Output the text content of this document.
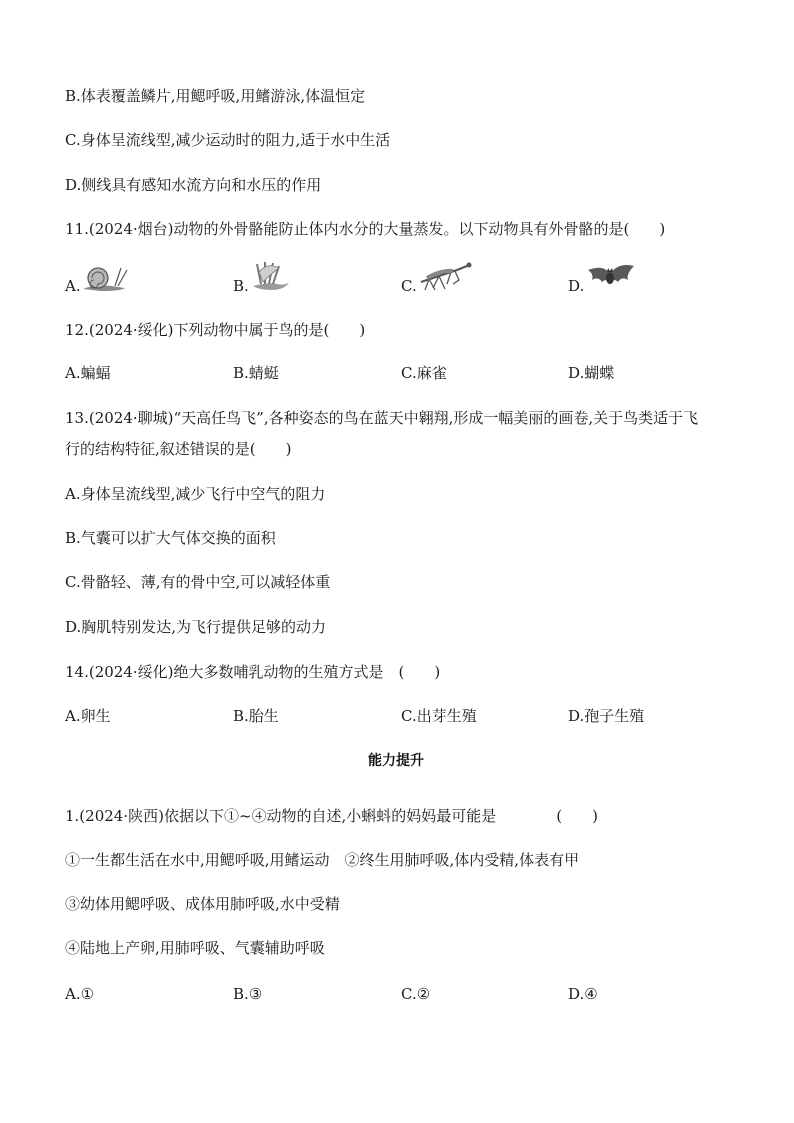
B.体表覆盖鳞片,用鳃呼吸,用鳍游泳,体温恒定
C.身体呈流线型,减少运动时的阻力,适于水中生活
D.侧线具有感知水流方向和水压的作用
11.(2024·烟台)动物的外骨骼能防止体内水分的大量蒸发。以下动物具有外骨骼的是(　　)
A.	B.	C.	D.
12.(2024·绥化)下列动物中属于鸟的是(　　)
A.蝙蝠	B.蜻蜓	C.麻雀	D.蝴蝶
13.(2024·聊城)“天高任鸟飞”,各种姿态的鸟在蓝天中翱翔,形成一幅美丽的画卷,关于鸟类适于飞
行的结构特征,叙述错误的是(　　)
A.身体呈流线型,减少飞行中空气的阻力
B.气囊可以扩大气体交换的面积
C.骨骼轻、薄,有的骨中空,可以减轻体重
D.胸肌特别发达,为飞行提供足够的动力
14.(2024·绥化)绝大多数哺乳动物的生殖方式是　(　　)
A.卵生	B.胎生	C.出芽生殖	D.孢子生殖
能力提升
1.(2024·陕西)依据以下①~④动物的自述,小蝌蚪的妈妈最可能是　　　　(　　)
①一生都生活在水中,用鳃呼吸,用鳍运动　②终生用肺呼吸,体内受精,体表有甲
③幼体用鳃呼吸、成体用肺呼吸,水中受精
④陆地上产卵,用肺呼吸、气囊辅助呼吸
A.①	B.③	C.②	D.④
